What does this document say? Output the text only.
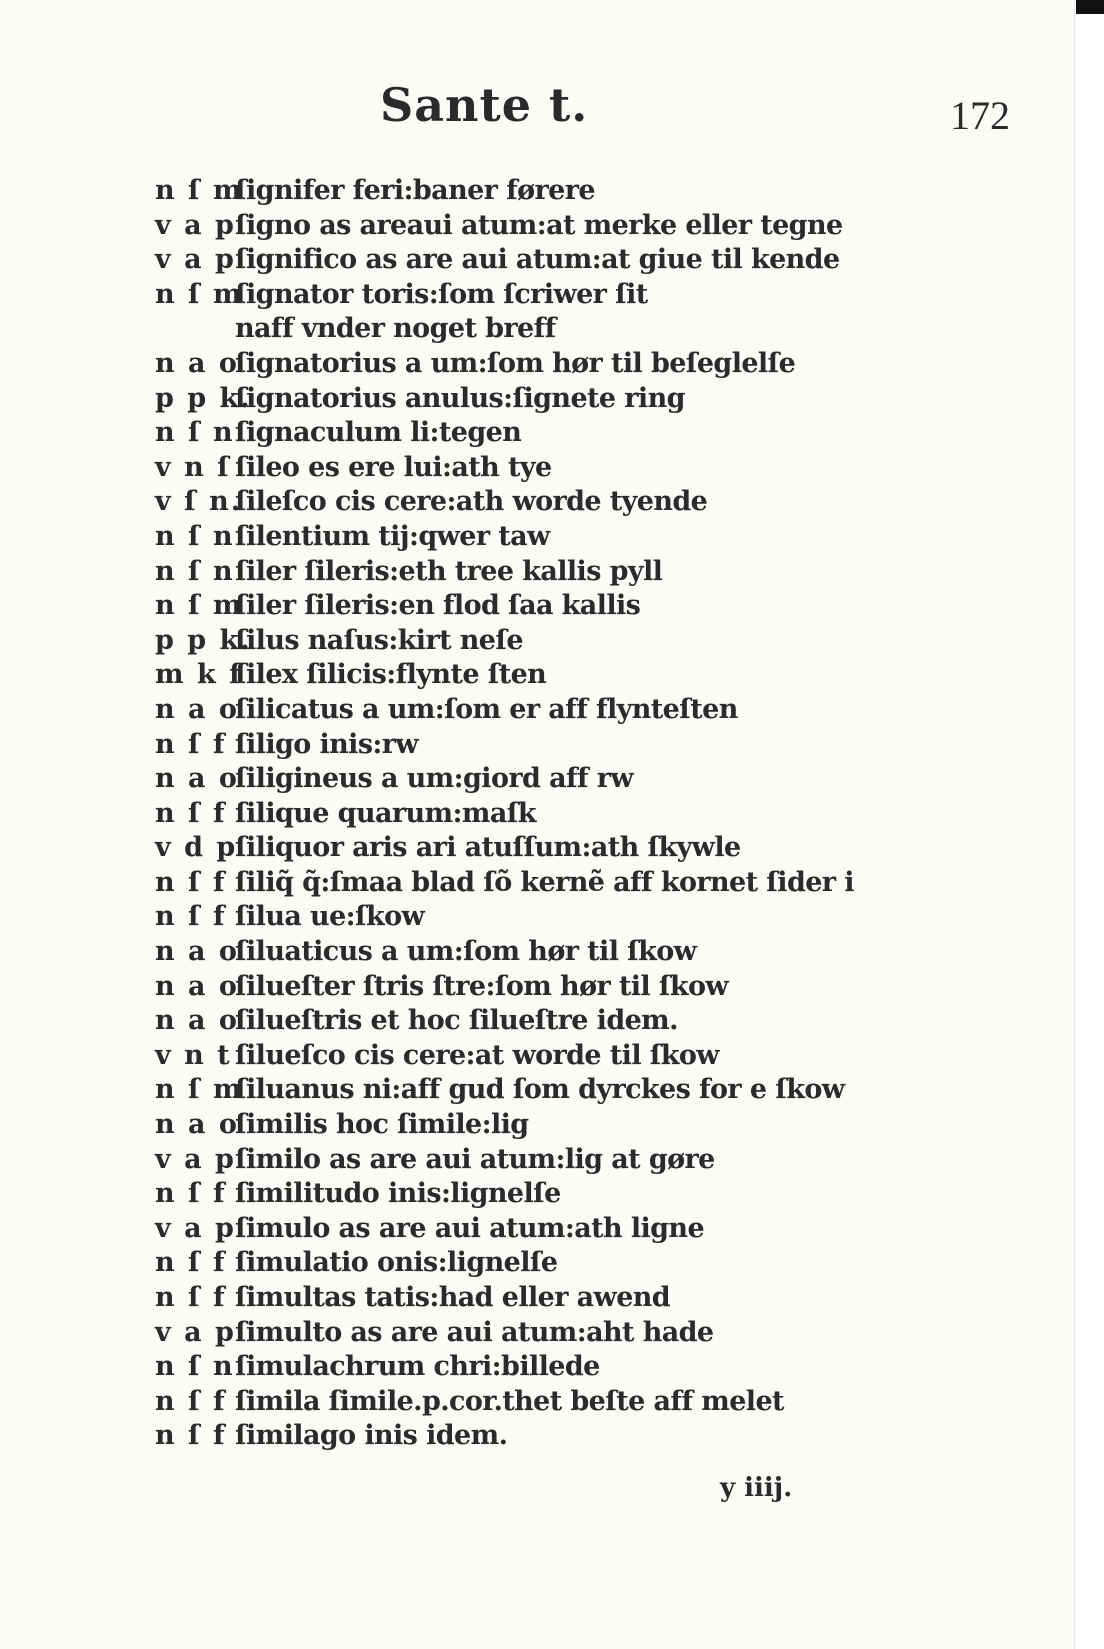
Sante t.	172
n ſ m
ſignifer feri:baner førere
v a p ſigno as areaui atum:at merke eller tegne
v a p ſignifico as are aui atum:at giue til kende
n ſ m
ſignator toris:ſom ſcriwer ſit
naff vnder noget breff
n a o
ſignatorius a um:ſom hør til beſeglelſe
p p k.
ſignatorius anulus:ſignete ring
n ſ n ſignaculum li:tegen
v n ſ ſileo es ere lui:ath tye
v ſ n.
ſileſco cis cere:ath worde tyende
n ſ n ſilentium tij:qwer taw
n ſ n ſiler ſileris:eth tree kallis pyll
n ſ m
ſiler ſileris:en flod ſaa kallis
p p k.
ſilus naſus:kirt neſe
m k f
ſilex ſilicis:flynte ſten
n a o
ſilicatus a um:ſom er aff flynteſten
n ſ f ſiligo inis:rw
n a o
ſiligineus a um:giord aff rw
n ſ f ſilique quarum:maſk
v d p
ſiliquor aris ari atuſſum:ath ſkywle
n ſ f ſiliq̃ q̃:ſmaa blad ſõ kernẽ aff kornet ſider i
n ſ f ſilua ue:ſkow
n a o
ſiluaticus a um:ſom hør til ſkow
n a o
ſilueſter ſtris ſtre:ſom hør til ſkow
n a o
ſilueſtris et hoc ſilueſtre idem.
v n t ſilueſco cis cere:at worde til ſkow
n ſ m
ſiluanus ni:aff gud ſom dyrckes for e ſkow
n a o
ſimilis hoc ſimile:lig
v a p ſimilo as are aui atum:lig at gøre
n ſ f ſimilitudo inis:lignelſe
v a p ſimulo as are aui atum:ath ligne
n ſ f ſimulatio onis:lignelſe
n ſ f ſimultas tatis:had eller awend
v a p ſimulto as are aui atum:aht hade
n ſ n ſimulachrum chri:billede
n ſ f ſimila ſimile.p.cor.thet beſte aff melet
n ſ f ſimilago inis idem.
y iiij.
